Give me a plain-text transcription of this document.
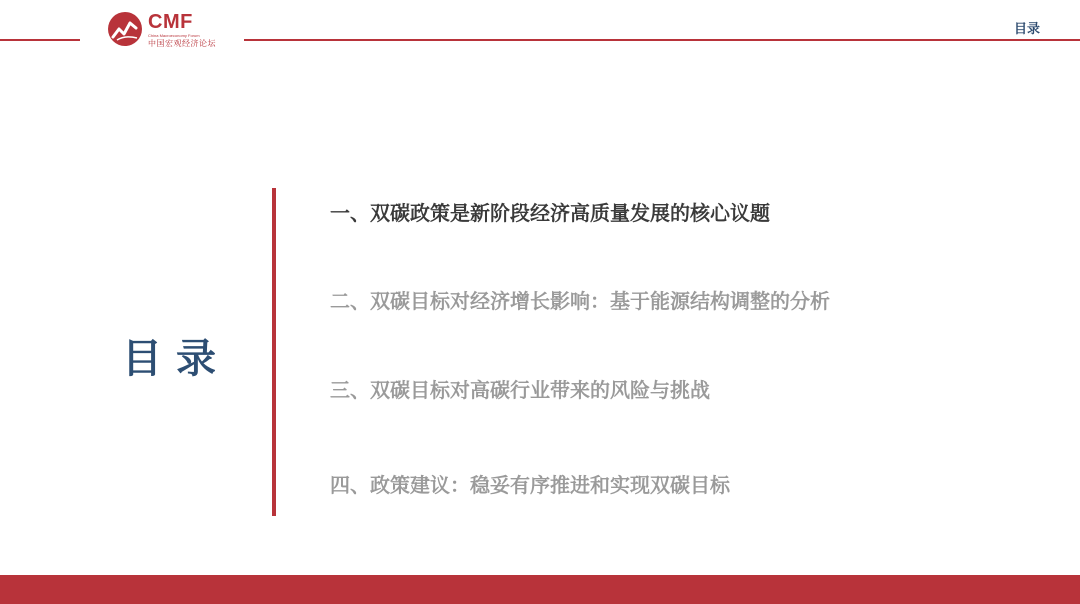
CMF
China Macroeconomy Forum
中国宏观经济论坛
目录
目录
一、双碳政策是新阶段经济高质量发展的核心议题
二、双碳目标对经济增长影响：基于能源结构调整的分析
三、双碳目标对高碳行业带来的风险与挑战
四、政策建议：稳妥有序推进和实现双碳目标
